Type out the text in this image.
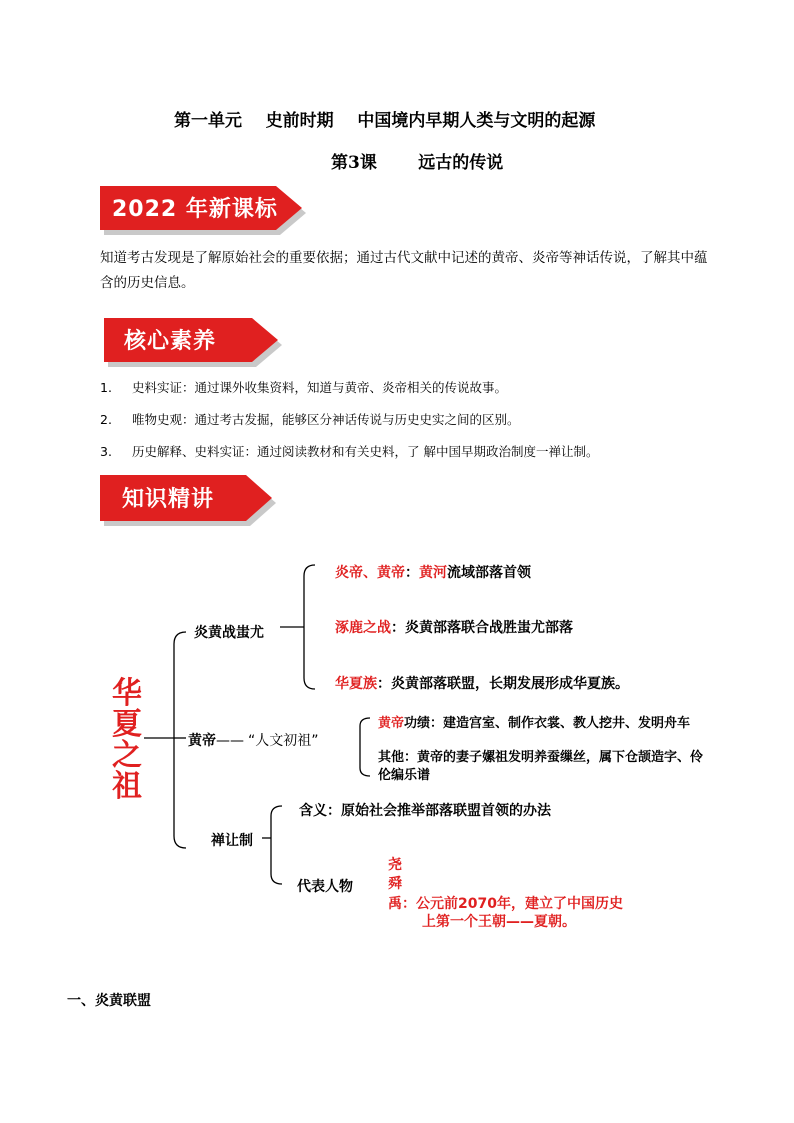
第一单元    史前时期    中国境内早期人类与文明的起源
第3课       远古的传说
2022 年新课标
知道考古发现是了解原始社会的重要依据；通过古代文献中记述的黄帝、炎帝等神话传说，了解其中蕴含的历史信息。
核心素养
1. 史料实证：通过课外收集资料，知道与黄帝、炎帝相关的传说故事。
2. 唯物史观：通过考古发掘，能够区分神话传说与历史史实之间的区别。
3. 历史解释、史料实证：通过阅读教材和有关史料，了 解中国早期政治制度一禅让制。
知识精讲
华夏之祖
炎黄战蚩尤
炎帝、黄帝：黄河流域部落首领
涿鹿之战：炎黄部落联合战胜蚩尤部落
华夏族：炎黄部落联盟，长期发展形成华夏族。
黄帝—— “人文初祖”
黄帝功绩：建造宫室、制作衣裳、教人挖井、发明舟车
其他：黄帝的妻子嫘祖发明养蚕缫丝，属下仓颉造字、伶
伦编乐谱
禅让制
含义：原始社会推举部落联盟首领的办法
代表人物
尧
舜
禹：公元前2070年，建立了中国历史
上第一个王朝——夏朝。
一、炎黄联盟
